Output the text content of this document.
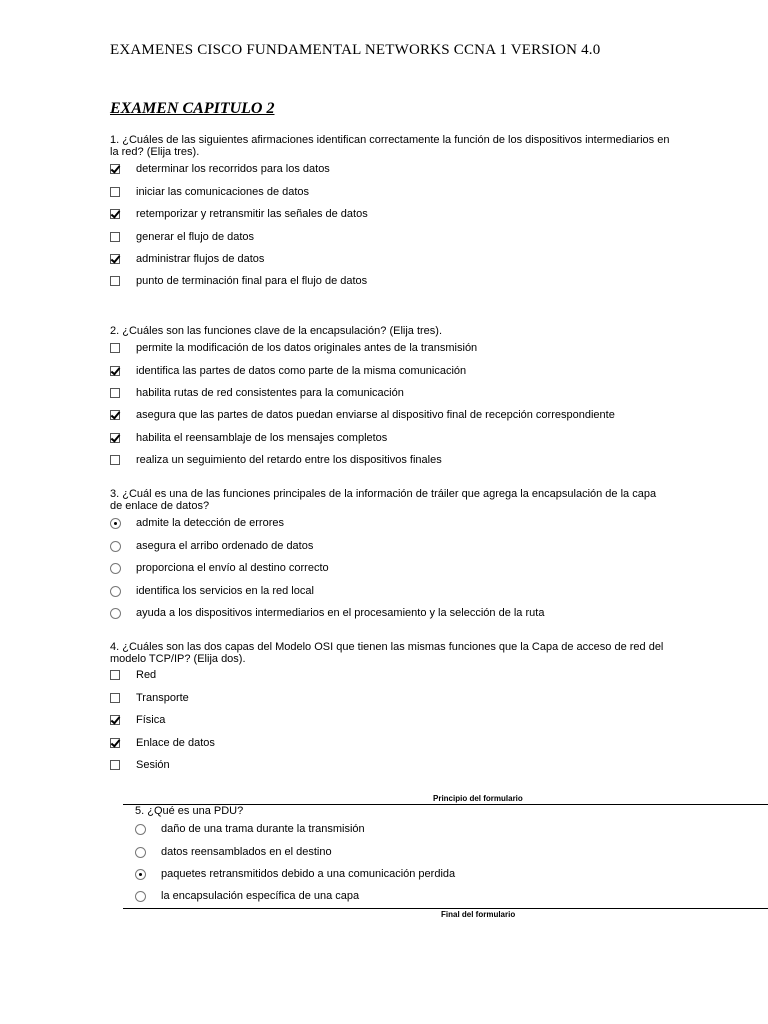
EXAMENES CISCO FUNDAMENTAL NETWORKS CCNA 1 VERSION 4.0
EXAMEN CAPITULO 2
1. ¿Cuáles de las siguientes afirmaciones identifican correctamente la función de los dispositivos intermediarios en la red? (Elija tres).
determinar los recorridos para los datos
iniciar las comunicaciones de datos
retemporizar y retransmitir las señales de datos
generar el flujo de datos
administrar flujos de datos
punto de terminación final para el flujo de datos
2. ¿Cuáles son las funciones clave de la encapsulación? (Elija tres).
permite la modificación de los datos originales antes de la transmisión
identifica las partes de datos como parte de la misma comunicación
habilita rutas de red consistentes para la comunicación
asegura que las partes de datos puedan enviarse al dispositivo final de recepción correspondiente
habilita el reensamblaje de los mensajes completos
realiza un seguimiento del retardo entre los dispositivos finales
3. ¿Cuál es una de las funciones principales de la información de tráiler que agrega la encapsulación de la capa de enlace de datos?
admite la detección de errores
asegura el arribo ordenado de datos
proporciona el envío al destino correcto
identifica los servicios en la red local
ayuda a los dispositivos intermediarios en el procesamiento y la selección de la ruta
4. ¿Cuáles son las dos capas del Modelo OSI que tienen las mismas funciones que la Capa de acceso de red del modelo TCP/IP? (Elija dos).
Red
Transporte
Física
Enlace de datos
Sesión
Principio del formulario
5. ¿Qué es una PDU?
daño de una trama durante la transmisión
datos reensamblados en el destino
paquetes retransmitidos debido a una comunicación perdida
la encapsulación específica de una capa
Final del formulario
